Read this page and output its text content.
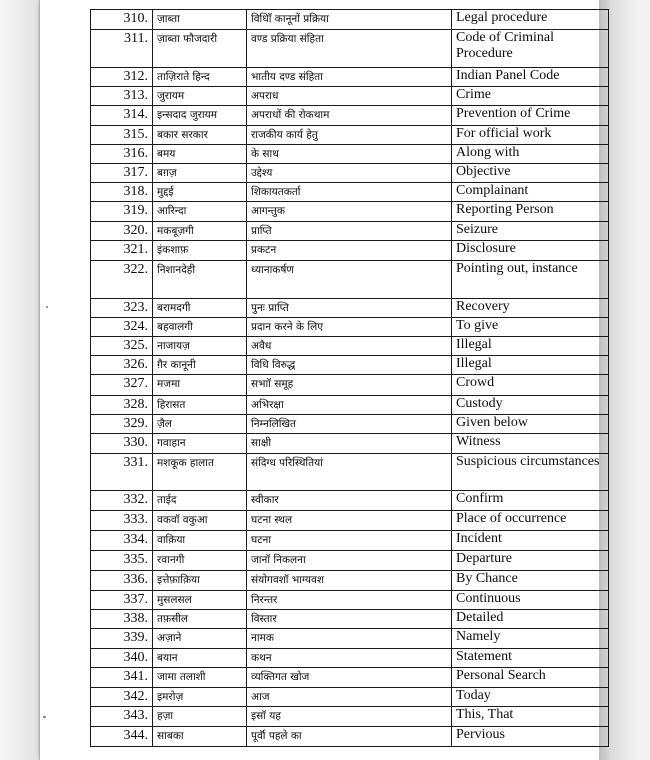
310.	ज़ाब्ता	विधिाँ कानूनों प्रक्रिया	Legal procedure
311.	ज़ाब्ता फौजदारी	वण्ड प्रक्रिया संहिता	Code of Criminal Procedure
312.	ताज़िराते हिन्द	भातीय दण्ड संहिता	Indian Panel Code
313.	जुरायम	अपराध	Crime
314.	इन्सदाद जुरायम	अपराधों की रोकथाम	Prevention of Crime
315.	बकार सरकार	राजकीय कार्य हेतु	For official work
316.	बमय	के साथ	Along with
317.	बग़ज़	उद्देश्य	Objective
318.	मुद्दई	शिकायतकर्ता	Complainant
319.	आरिन्दा	आगन्तुक	Reporting Person
320.	मकबूज़गी	प्राप्ति	Seizure
321.	इंकशाफ़	प्रकटन	Disclosure
322.	निशानदेही	ध्यानाकर्षण	Pointing out, instance
323.	बरामदगी	पुनः प्राप्ति	Recovery
324.	बहवालगी	प्रदान करने के लिए	To give
325.	नाजायज़	अवैध	Illegal
326.	ग़ैर कानूनी	विधि विरुद्ध	Illegal
327.	मजमा	सभाॉ समूह	Crowd
328.	हिरासत	अभिरक्षा	Custody
329.	ज़ैल	निम्नलिखित	Given below
330.	गवाहान	साक्षी	Witness
331.	मशकूक हालात	संदिग्ध परिस्थितियां	Suspicious circumstances
332.	ताईद	स्वीकार	Confirm
333.	वकवॉ वकुआ	घटना स्थल	Place of occurrence
334.	वाक़िया	घटना	Incident
335.	रवानगी	जानॉ निकलना	Departure
336.	इत्तेफ़ाक़िया	संयोगवशॉ भाग्यवश	By Chance
337.	मुसलसल	निरन्तर	Continuous
338.	तफ़सील	विस्तार	Detailed
339.	अज़ाने	नामक	Namely
340.	बयान	कथन	Statement
341.	जामा तलाशी	व्यक्तिगत खोज	Personal Search
342.	इमरोज़	आज	Today
343.	हज़ा	इसॉ यह	This, That
344.	साबका	पूर्वॉ पहले का	Pervious
